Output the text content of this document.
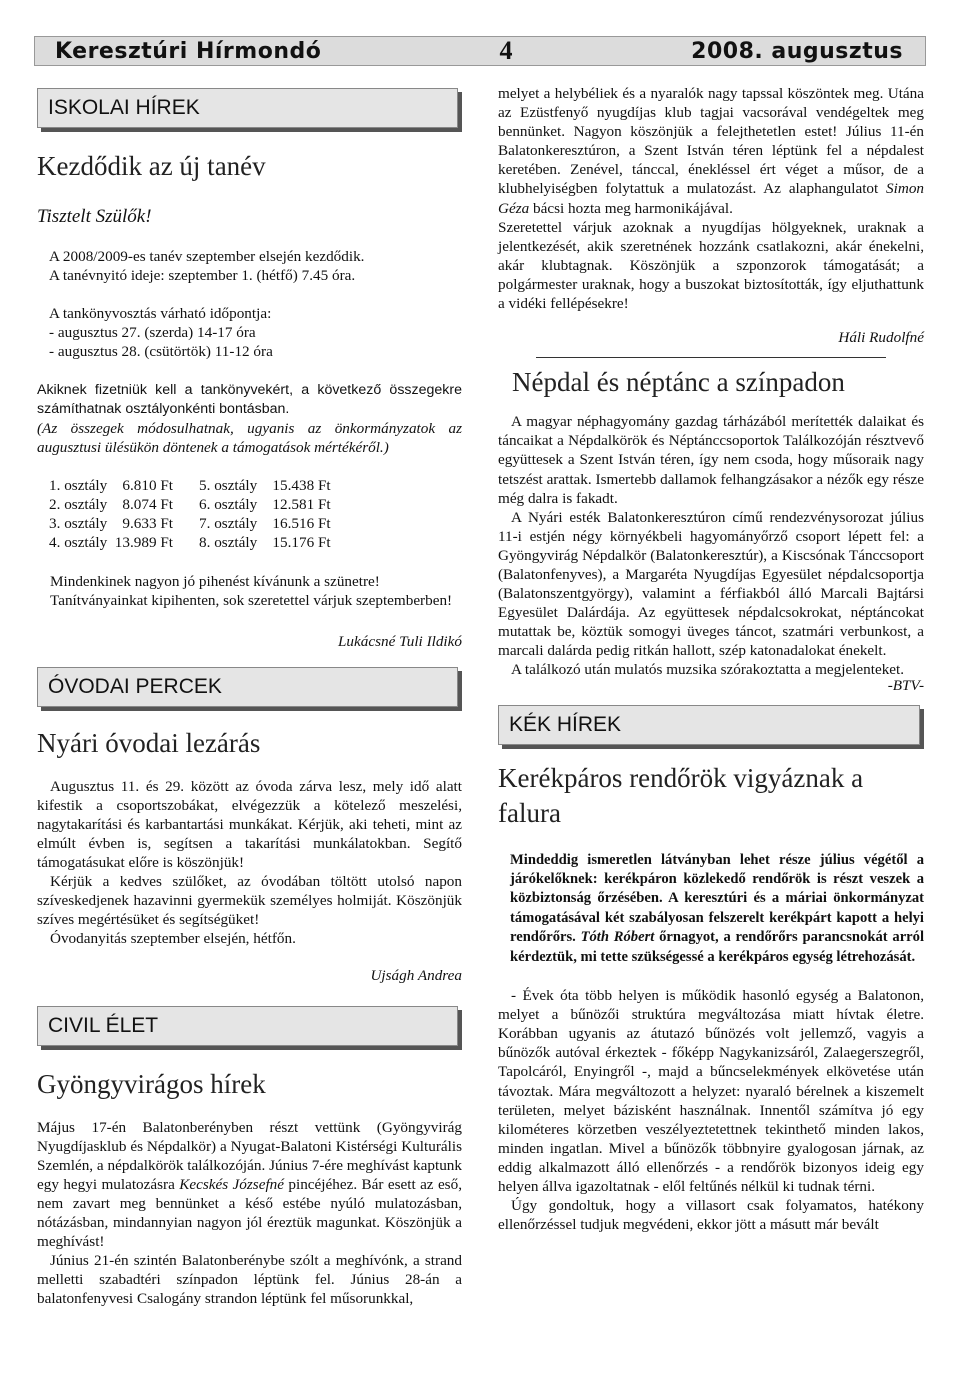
Keresztúri Hírmondó	4	2008. augusztus
ISKOLAI HÍREK
Kezdődik az új tanév
Tisztelt Szülők!
A 2008/2009-es tanév szeptember elsején kezdődik.
A tanévnyitó ideje: szeptember 1. (hétfő) 7.45 óra.
A tankönyvosztás várható időpontja:
- augusztus 27. (szerda) 14-17 óra
- augusztus 28. (csütörtök) 11-12 óra

Akiknek fizetniük kell a tankönyvekért, a következő összegekre számíthatnak osztályonkénti bontásban.

(Az összegek módosulhatnak, ugyanis az önkormányzatok az augusztusi ülésükön döntenek a támogatások mértékéről.)

1. osztály    6.810 Ft	5. osztály    15.438 Ft
2. osztály    8.074 Ft	6. osztály    12.581 Ft
3. osztály    9.633 Ft	7. osztály    16.516 Ft
4. osztály  13.989 Ft	8. osztály    15.176 Ft

Mindenkinek nagyon jó pihenést kívánunk a szünetre!

Tanítványainkat kipihenten, sok szeretettel várjuk szeptemberben!

Lukácsné Tuli Ildikó
ÓVODAI PERCEK
Nyári óvodai lezárás

Augusztus 11. és 29. között az óvoda zárva lesz, mely idő alatt kifestik a csoportszobákat, elvégezzük a kötelező meszelési, nagytakarítási és karbantartási munkákat. Kérjük, aki teheti, mint az elmúlt évben is, segítsen a takarítási munkálatokban. Segítő támogatásukat előre is köszönjük!

Kérjük a kedves szülőket, az óvodában töltött utolsó napon szíveskedjenek hazavinni gyermekük személyes holmiját. Köszönjük szíves megértésüket és segítségüket!

Óvodanyitás szeptember elsején, hétfőn.

Ujságh Andrea
CIVIL ÉLET
Gyöngyvirágos hírek

Május 17-én Balatonberényben részt vettünk (Gyöngyvirág Nyugdíjasklub és Népdalkör) a Nyugat-Balatoni Kistérségi Kulturális Szemlén, a népdalkörök találkozóján. Június 7-ére meghívást kaptunk egy hegyi mulatozásra Kecskés Józsefné pincéjéhez. Bár esett az eső, nem zavart meg bennünket a késő estébe nyúló mulatozásban, nótázásban, mindannyian nagyon jól éreztük magunkat. Köszönjük a meghívást!

Június 21-én szintén Balatonberénybe szólt a meghívónk, a strand melletti szabadtéri színpadon léptünk fel. Június 28-án a balatonfenyvesi Csalogány strandon léptünk fel műsorunkkal,

melyet a helybéliek és a nyaralók nagy tapssal köszöntek meg. Utána az Ezüstfenyő nyugdíjas klub tagjai vacsorával vendégeltek meg bennünket. Nagyon köszönjük a felejthetetlen estet! Július 11-én Balatonkeresztúron, a Szent István téren léptünk fel a népdalest keretében. Zenével, tánccal, énekléssel ért véget a műsor, de a klubhelyiségben folytattuk a mulatozást. Az alaphangulatot Simon Géza bácsi hozta meg harmonikájával.

Szeretettel várjuk azoknak a nyugdíjas hölgyeknek, uraknak a jelentkezését, akik szeretnének hozzánk csatlakozni, akár énekelni, akár klubtagnak. Köszönjük a szponzorok támogatását; a polgármester uraknak, hogy a buszokat biztosították, így eljuthattunk a vidéki fellépésekre!

Háli Rudolfné
Népdal és néptánc a színpadon

A magyar néphagyomány gazdag tárházából merítették dalaikat és táncaikat a Népdalkörök és Néptánccsoportok Találkozóján résztvevő együttesek a Szent István téren, így nem csoda, hogy műsoraik nagy tetszést arattak. Ismertebb dallamok felhangzásakor a nézők egy része még dalra is fakadt.

A Nyári esték Balatonkeresztúron című rendezvénysorozat július 11-i estjén négy környékbeli hagyományőrző csoport lépett fel: a Gyöngyvirág Népdalkör (Balatonkeresztúr), a Kiscsónak Tánccsoport (Balatonfenyves), a Margaréta Nyugdíjas Egyesület népdalcsoportja (Balatonszentgyörgy), valamint a férfiakból álló Marcali Bajtársi Egyesület Dalárdája. Az együttesek népdalcsokrokat, néptáncokat mutattak be, köztük somogyi üveges táncot, szatmári verbunkost, a marcali dalárda pedig ritkán hallott, szép katonadalokat énekelt.

A találkozó után mulatós muzsika szórakoztatta a megjelenteket.

-BTV-
KÉK HÍREK
Kerékpáros rendőrök vigyáznak a falura

Mindeddig ismeretlen látványban lehet része július végétől a járókelőknek: kerékpáron közlekedő rendőrök is részt veszek a közbiztonság őrzésében. A keresztúri és a máriai önkormányzat támogatásával két szabályosan felszerelt kerékpárt kapott a helyi rendőrőrs. Tóth Róbert őrnagyot, a rendőrőrs parancsnokát arról kérdeztük, mi tette szükségessé a kerékpáros egység létrehozását.

- Évek óta több helyen is működik hasonló egység a Balatonon, melyet a bűnözői struktúra megváltozása miatt hívtak életre. Korábban ugyanis az átutazó bűnözés volt jellemző, vagyis a bűnözők autóval érkeztek - főképp Nagykanizsáról, Zalaegerszegről, Tapolcáról, Enyingről -, majd a bűncselekmények elkövetése után távoztak. Mára megváltozott a helyzet: nyaraló bérelnek a kiszemelt területen, melyet bázisként használnak. Innentől számítva jó egy kilométeres körzetben veszélyeztetettnek tekinthető minden lakos, minden ingatlan. Mivel a bűnözők többnyire gyalogosan járnak, az eddig alkalmazott álló ellenőrzés - a rendőrök bizonyos ideig egy helyen állva igazoltatnak - elől feltűnés nélkül ki tudnak térni.

Úgy gondoltuk, hogy a villasort csak folyamatos, hatékony ellenőrzéssel tudjuk megvédeni, ekkor jött a másutt már bevált
